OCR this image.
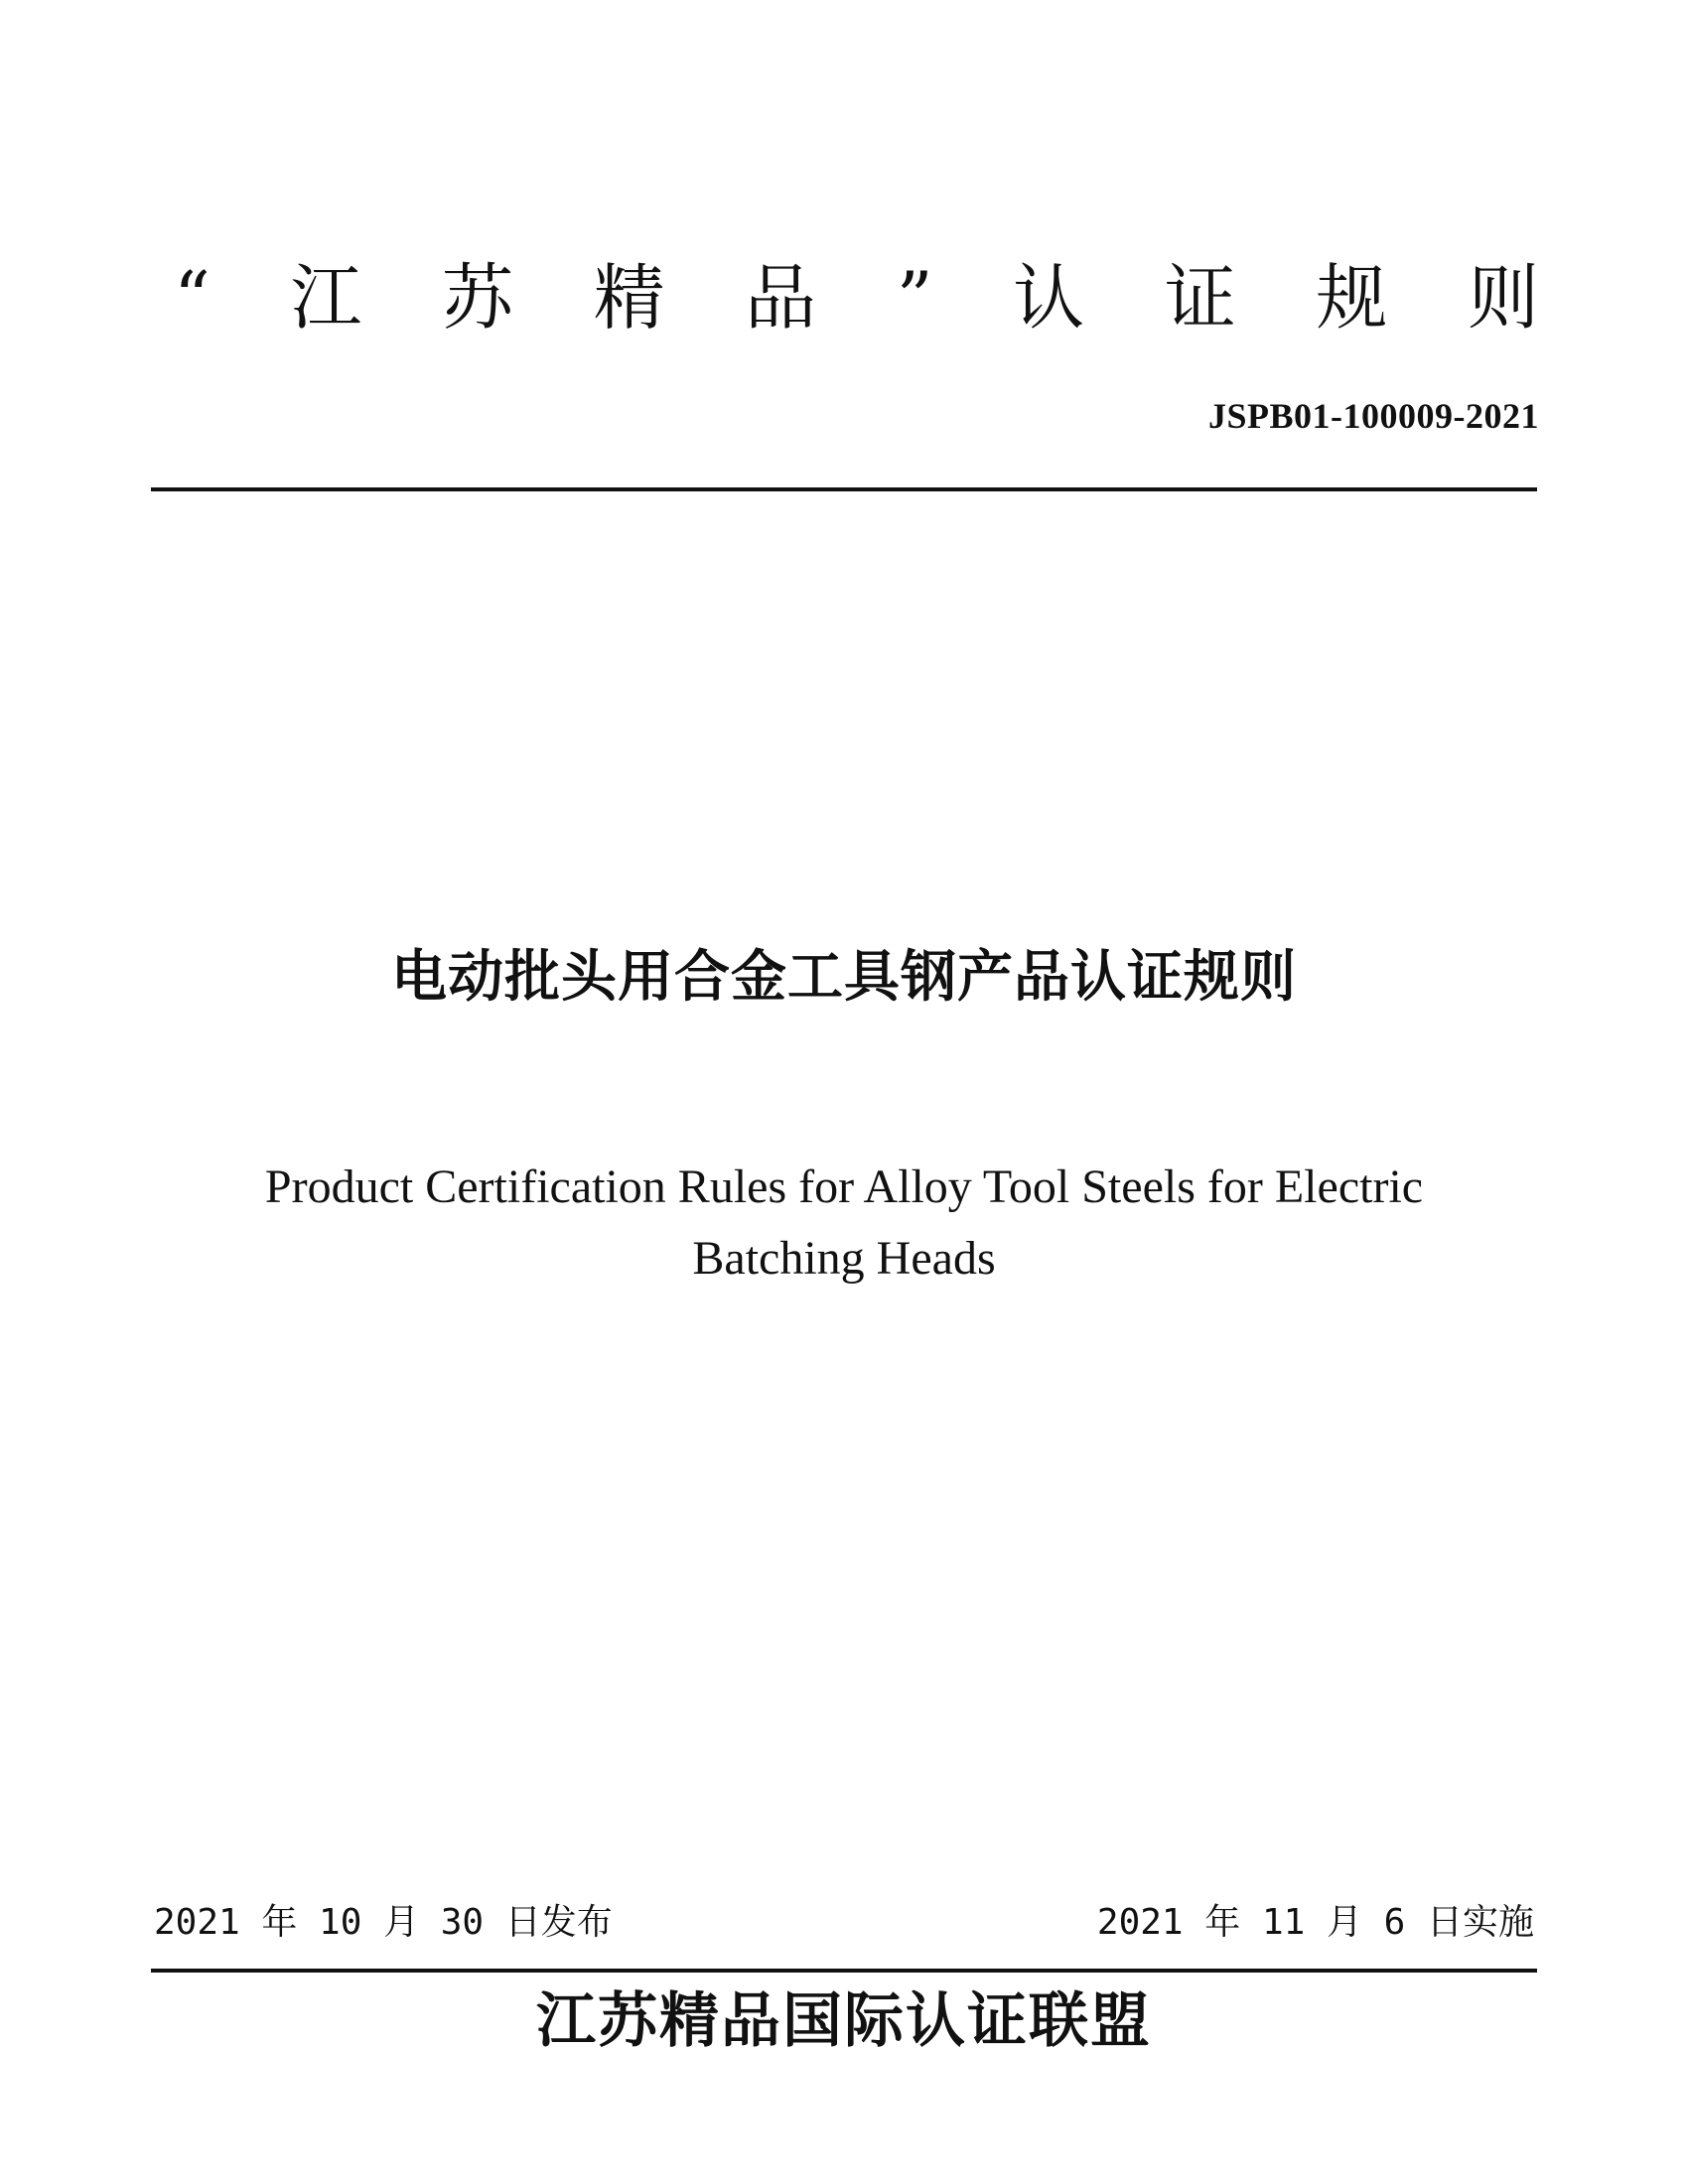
“ 江 苏 精 品 ” 认 证 规 则
JSPB01-100009-2021
电动批头用合金工具钢产品认证规则
Product Certification Rules for Alloy Tool Steels for Electric
Batching Heads
2021 年 10 月 30 日发布	2021 年 11 月 6 日实施
江苏精品国际认证联盟
